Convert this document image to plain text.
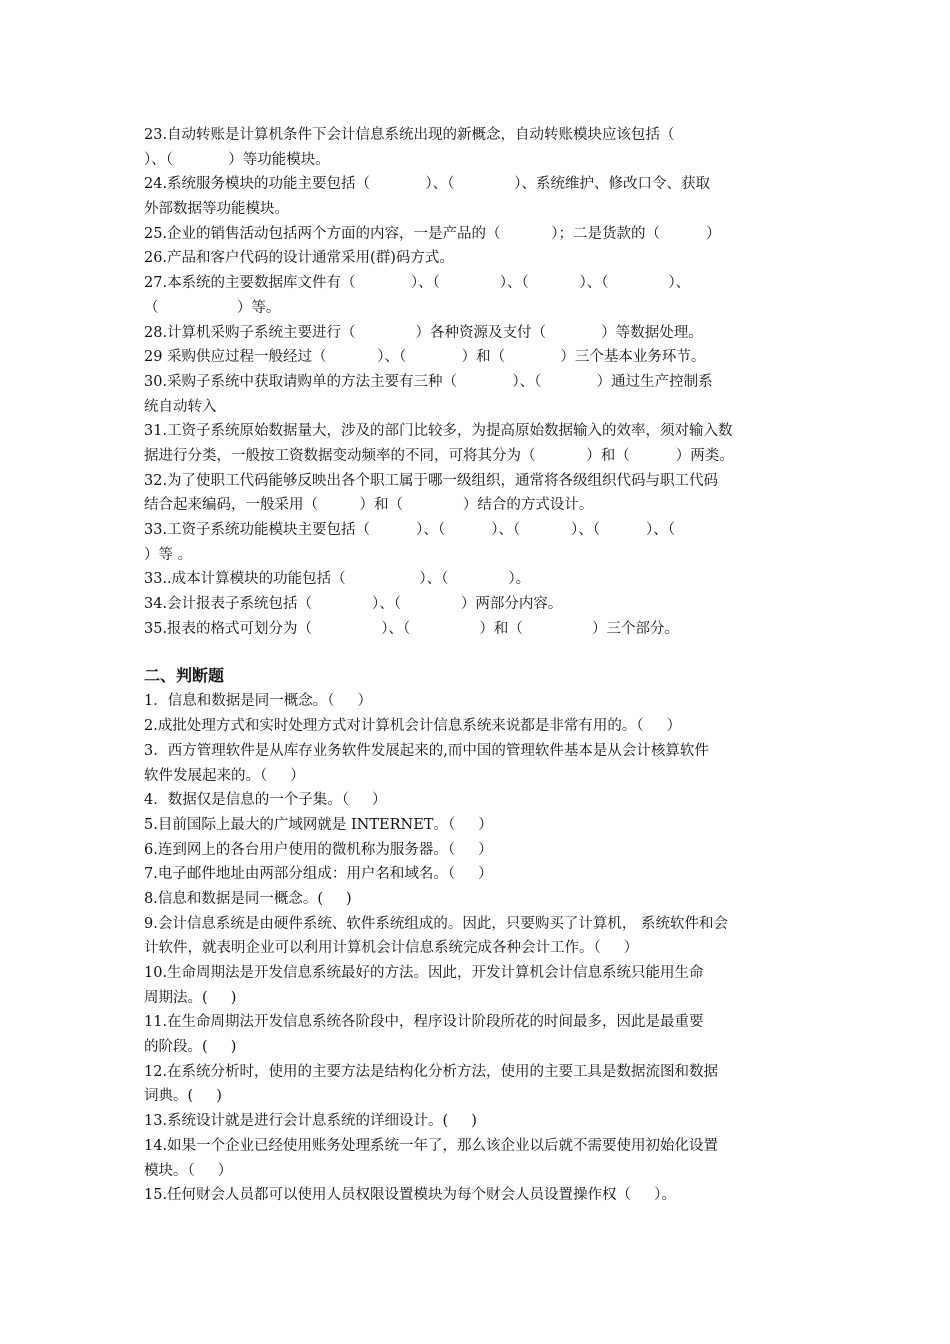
23.自动转账是计算机条件下会计信息系统出现的新概念，自动转账模块应该包括（
）、（            ）等功能模块。
24.系统服务模块的功能主要包括（            ）、（             ）、系统维护、修改口令、获取
外部数据等功能模块。
25.企业的销售活动包括两个方面的内容，一是产品的（           ）；二是货款的（          ）
26.产品和客户代码的设计通常采用(群)码方式。
27.本系统的主要数据库文件有（            ）、（             ）、（           ）、（             ）、
（                 ）等。
28.计算机采购子系统主要进行（             ）各种资源及支付（            ）等数据处理。
29 采购供应过程一般经过（           ）、（            ）和（            ）三个基本业务环节。
30.采购子系统中获取请购单的方法主要有三种（            ）、（            ）通过生产控制系
统自动转入
31.工资子系统原始数据量大，涉及的部门比较多，为提高原始数据输入的效率，须对输入数
据进行分类，一般按工资数据变动频率的不同，可将其分为（           ）和（          ）两类。
32.为了使职工代码能够反映出各个职工属于哪一级组织，通常将各级组织代码与职工代码
结合起来编码，一般采用（         ）和（             ）结合的方式设计。
33.工资子系统功能模块主要包括（          ）、（          ）、（           ）、（          ）、（
）等 。
33..成本计算模块的功能包括（                ）、（             ）。
34.会计报表子系统包括（             ）、（             ）两部分内容。
35.报表的格式可划分为（               ）、（               ）和（               ）三个部分。
二、判断题
1．信息和数据是同一概念。（     ）
2.成批处理方式和实时处理方式对计算机会计信息系统来说都是非常有用的。（     ）
3．西方管理软件是从库存业务软件发展起来的,而中国的管理软件基本是从会计核算软件
软件发展起来的。（     ）
4．数据仅是信息的一个子集。（     ）
5.目前国际上最大的广域网就是 INTERNET。（     ）
6.连到网上的各台用户使用的微机称为服务器。（     ）
7.电子邮件地址由两部分组成：用户名和域名。（     ）
8.信息和数据是同一概念。(     )
9.会计信息系统是由硬件系统、软件系统组成的。因此，只要购买了计算机， 系统软件和会
计软件，就表明企业可以利用计算机会计信息系统完成各种会计工作。（     ）
10.生命周期法是开发信息系统最好的方法。因此，开发计算机会计信息系统只能用生命
周期法。(     )
11.在生命周期法开发信息系统各阶段中，程序设计阶段所花的时间最多，因此是最重要
的阶段。(     )
12.在系统分析时，使用的主要方法是结构化分析方法，使用的主要工具是数据流图和数据
词典。(     )
13.系统设计就是进行会计息系统的详细设计。(     )
14.如果一个企业已经使用账务处理系统一年了，那么该企业以后就不需要使用初始化设置
模块。（     ）
15.任何财会人员都可以使用人员权限设置模块为每个财会人员设置操作权（     ）。
